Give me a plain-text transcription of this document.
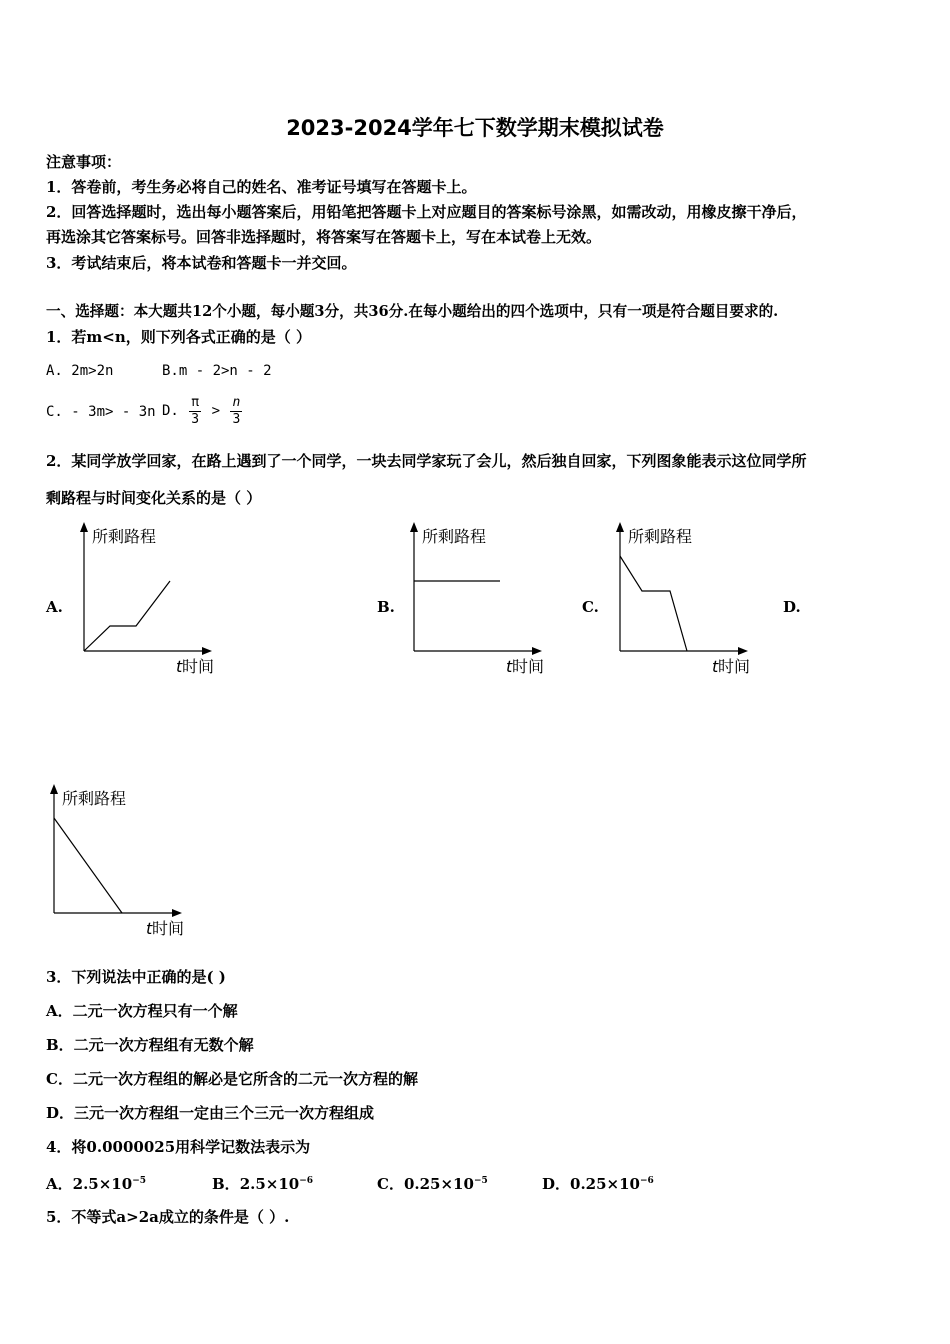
2023-2024学年七下数学期末模拟试卷
注意事项：
1．答卷前，考生务必将自己的姓名、准考证号填写在答题卡上。
2．回答选择题时，选出每小题答案后，用铅笔把答题卡上对应题目的答案标号涂黑，如需改动，用橡皮擦干净后，
再选涂其它答案标号。回答非选择题时，将答案写在答题卡上，写在本试卷上无效。
3．考试结束后，将本试卷和答题卡一并交回。
一、选择题：本大题共12个小题，每小题3分，共36分.在每小题给出的四个选项中，只有一项是符合题目要求的.
1．若m<n，则下列各式正确的是（ ）
A. 2m>2n	B.m - 2>n - 2
C. - 3m> - 3n D. $\frac{\pi}{3} > \frac{n}{3}$
2．某同学放学回家，在路上遇到了一个同学，一块去同学家玩了会儿，然后独自回家，下列图象能表示这位同学所
剩路程与时间变化关系的是（ ）
A.	B.	C.	D.
所剩路程
t 时间
所剩路程
t 时间
所剩路程
t 时间
所剩路程
t 时间
3．下列说法中正确的是( )
A．二元一次方程只有一个解
B．二元一次方程组有无数个解
C．二元一次方程组的解必是它所含的二元一次方程的解
D．三元一次方程组一定由三个三元一次方程组成
4．将0.0000025用科学记数法表示为
A．$2.5\times 10^{-5}$	B．$2.5\times 10^{-6}$	C．$0.25\times 10^{-5}$	D．$0.25\times 10^{-6}$
5．不等式a>2a成立的条件是（ ）.
